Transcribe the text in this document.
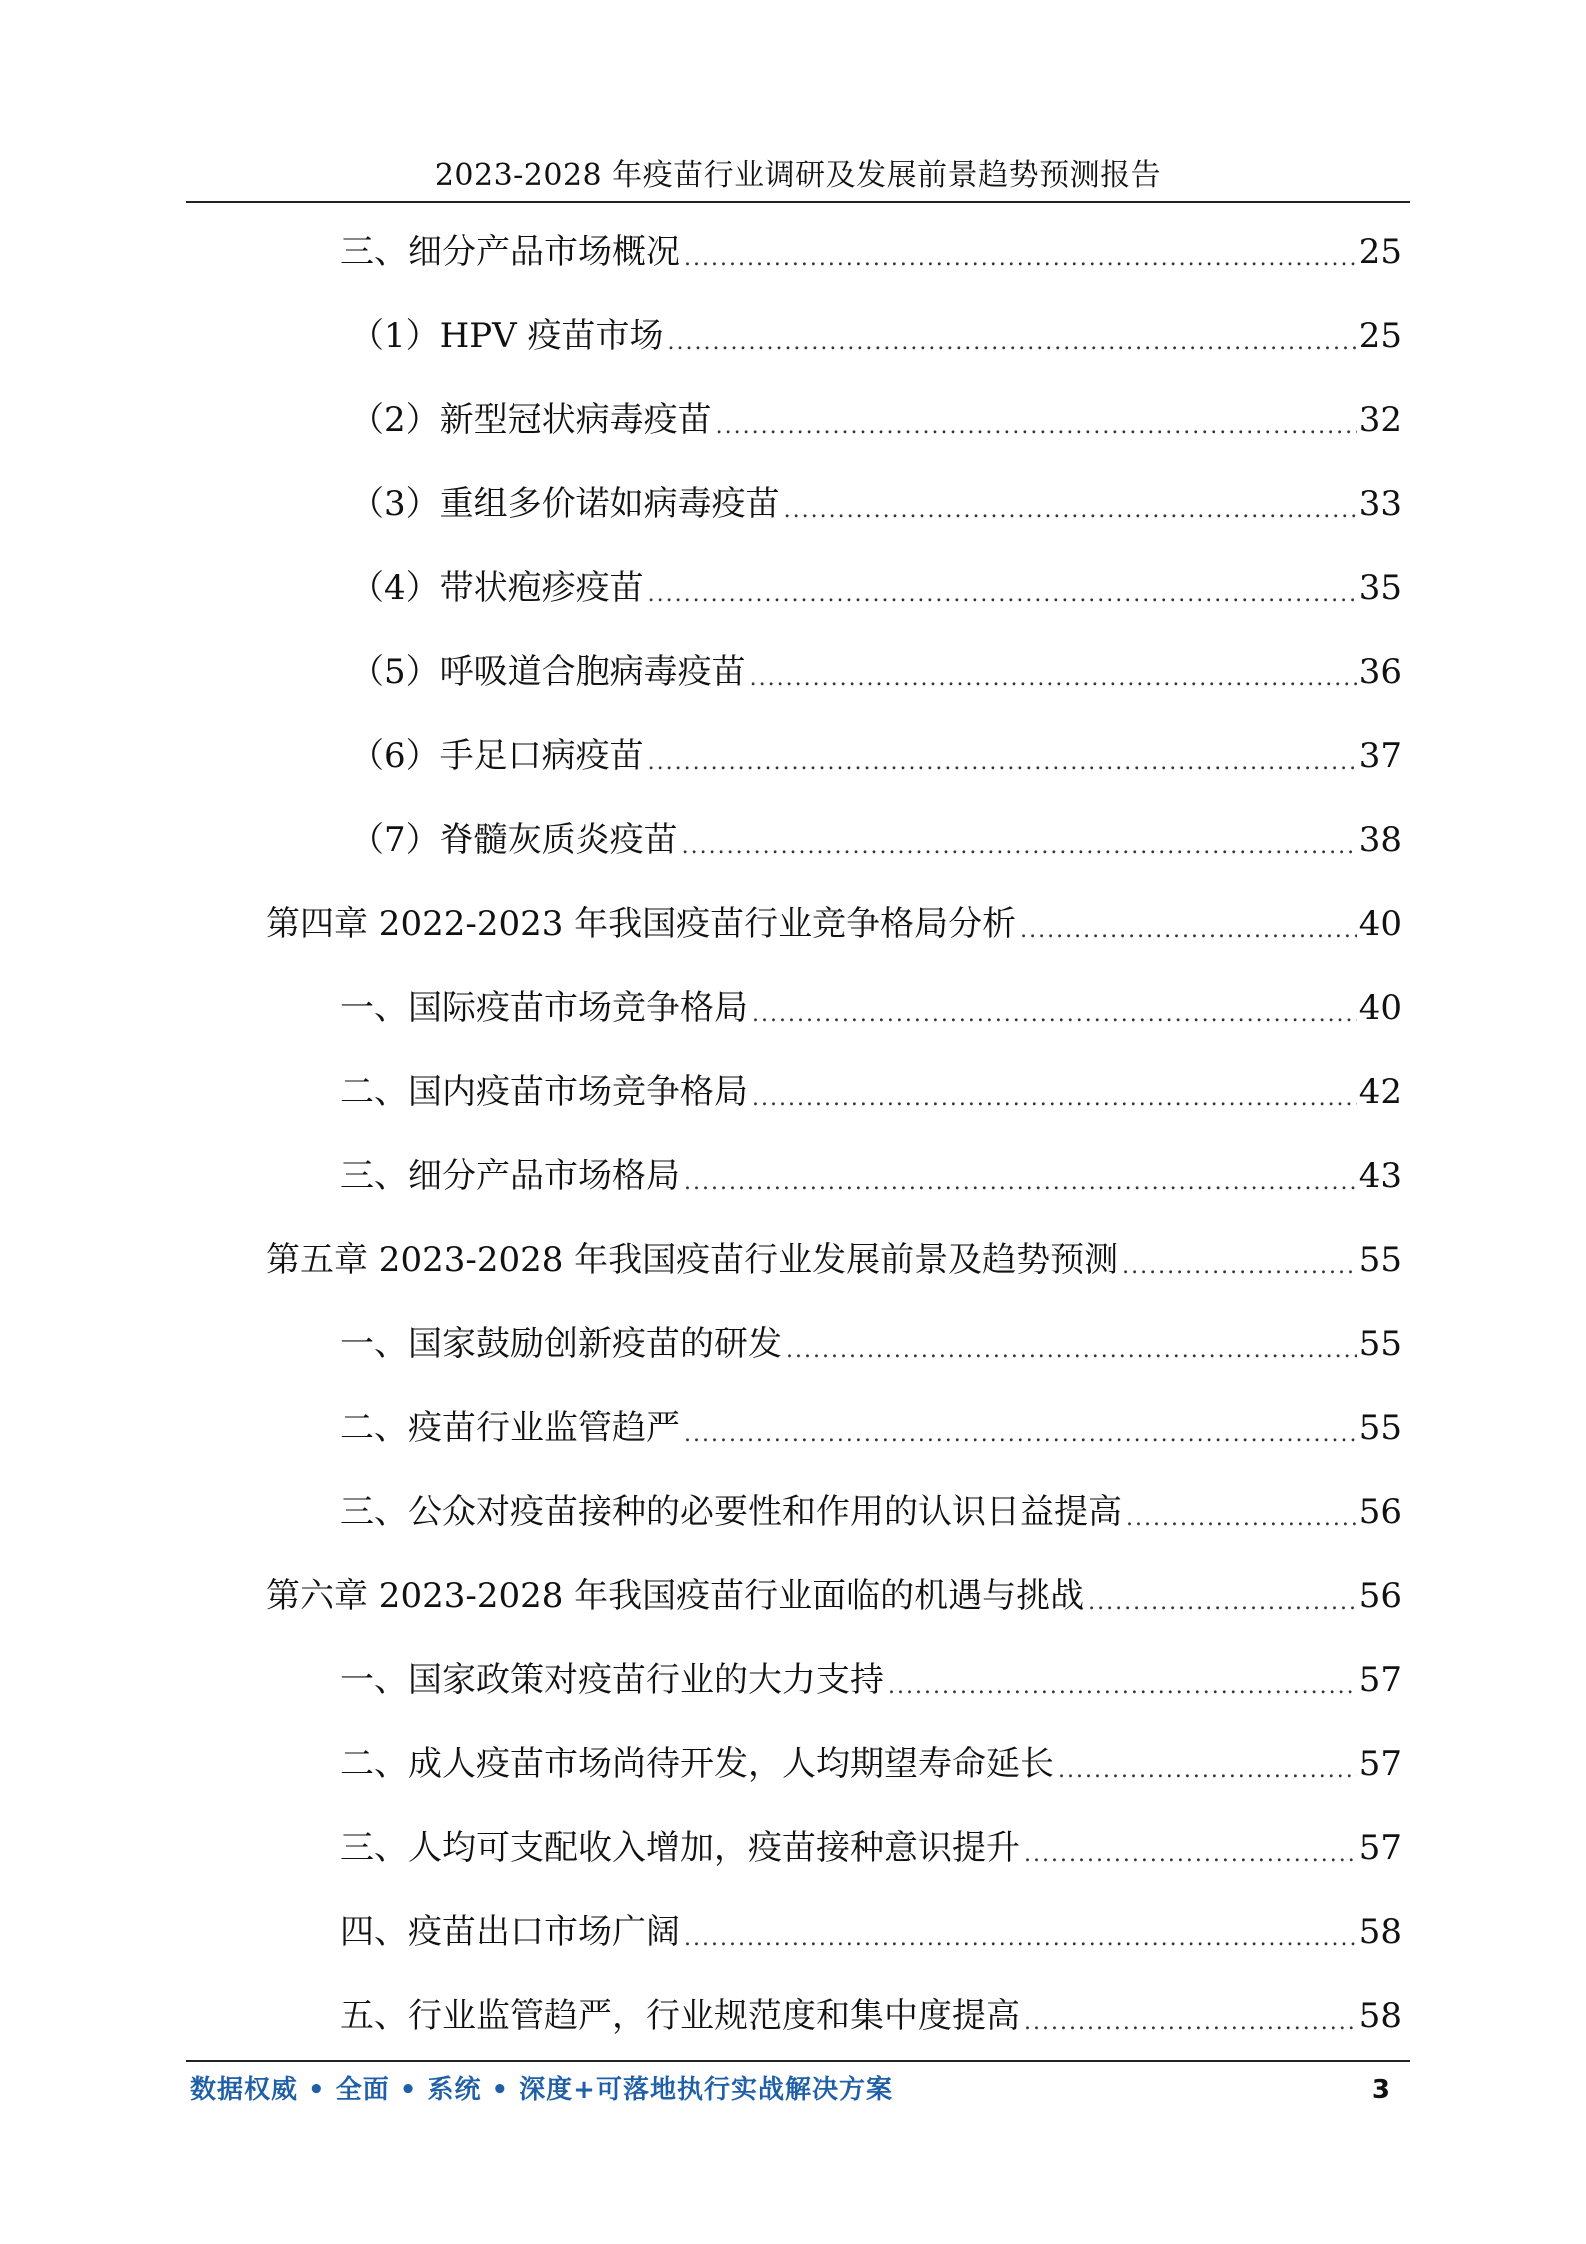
2023-2028 年疫苗行业调研及发展前景趋势预测报告
三、细分产品市场概况 .....	25
（1）HPV 疫苗市场 .....	25
（2）新型冠状病毒疫苗 .....	32
（3）重组多价诺如病毒疫苗 .....	33
（4）带状疱疹疫苗 .....	35
（5）呼吸道合胞病毒疫苗 .....	36
（6）手足口病疫苗 .....	37
（7）脊髓灰质炎疫苗 .....	38
第四章 2022-2023 年我国疫苗行业竞争格局分析 .....	40
一、国际疫苗市场竞争格局 .....	40
二、国内疫苗市场竞争格局 .....	42
三、细分产品市场格局 .....	43
第五章 2023-2028 年我国疫苗行业发展前景及趋势预测 .....	55
一、国家鼓励创新疫苗的研发 .....	55
二、疫苗行业监管趋严 .....	55
三、公众对疫苗接种的必要性和作用的认识日益提高 .....	56
第六章 2023-2028 年我国疫苗行业面临的机遇与挑战 .....	56
一、国家政策对疫苗行业的大力支持 .....	57
二、成人疫苗市场尚待开发，人均期望寿命延长 .....	57
三、人均可支配收入增加，疫苗接种意识提升 .....	57
四、疫苗出口市场广阔 .....	58
五、行业监管趋严，行业规范度和集中度提高 .....	58
数据权威 • 全面 • 系统 • 深度+可落地执行实战解决方案	3
